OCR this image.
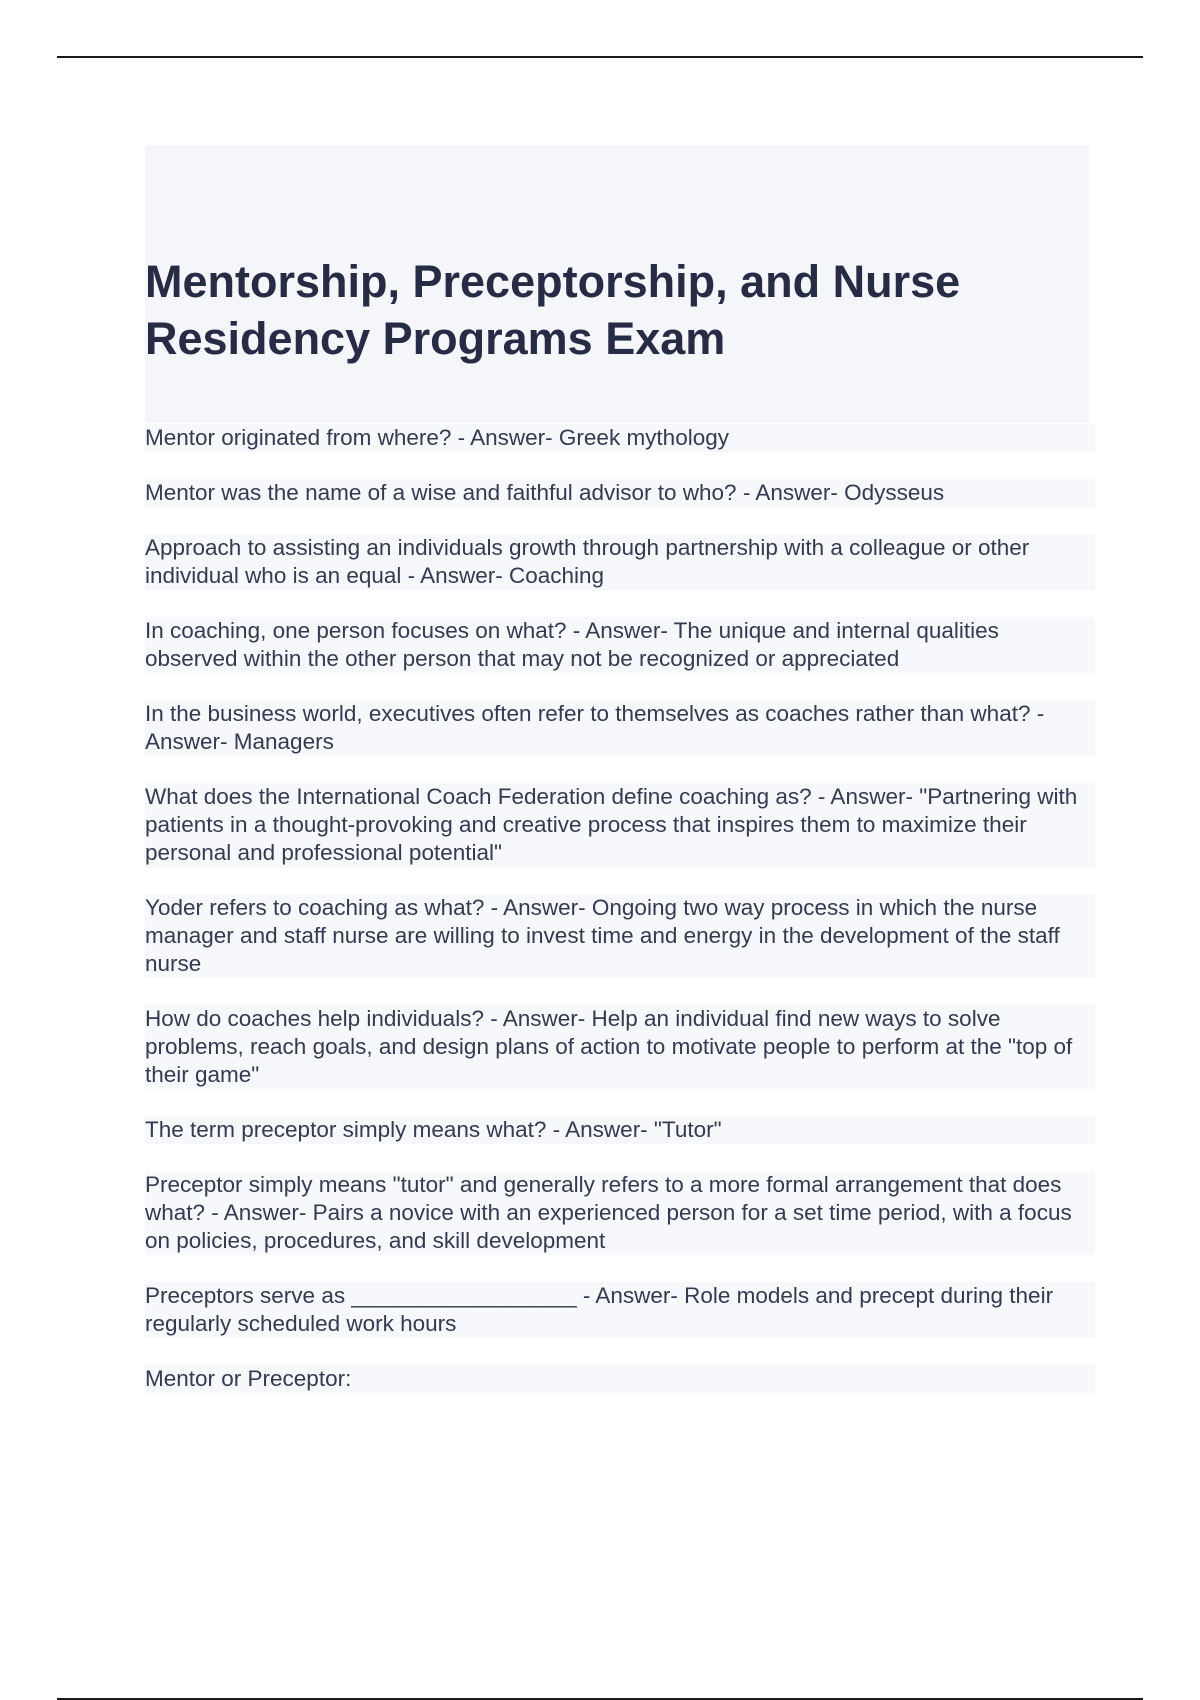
Mentorship, Preceptorship, and Nurse Residency Programs Exam

Mentor originated from where? - Answer- Greek mythology

Mentor was the name of a wise and faithful advisor to who? - Answer- Odysseus

Approach to assisting an individuals growth through partnership with a colleague or other individual who is an equal - Answer- Coaching

In coaching, one person focuses on what? - Answer- The unique and internal qualities observed within the other person that may not be recognized or appreciated

In the business world, executives often refer to themselves as coaches rather than what? - Answer- Managers

What does the International Coach Federation define coaching as? - Answer- "Partnering with patients in a thought-provoking and creative process that inspires them to maximize their personal and professional potential"

Yoder refers to coaching as what? - Answer- Ongoing two way process in which the nurse manager and staff nurse are willing to invest time and energy in the development of the staff nurse

How do coaches help individuals? - Answer- Help an individual find new ways to solve problems, reach goals, and design plans of action to motivate people to perform at the "top of their game"

The term preceptor simply means what? - Answer- "Tutor"

Preceptor simply means "tutor" and generally refers to a more formal arrangement that does what? - Answer- Pairs a novice with an experienced person for a set time period, with a focus on policies, procedures, and skill development

Preceptors serve as __________________ - Answer- Role models and precept during their regularly scheduled work hours

Mentor or Preceptor:
